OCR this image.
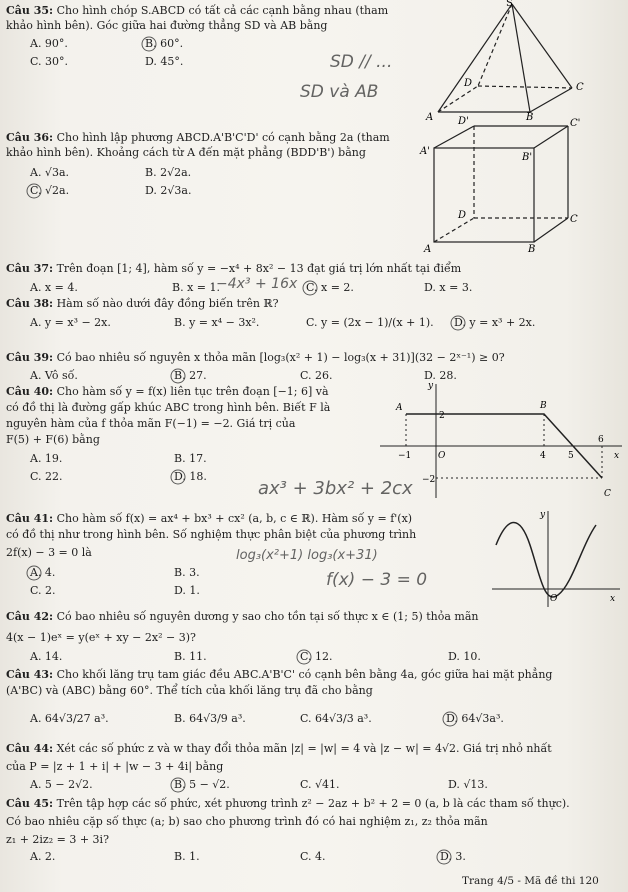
Câu 35: Cho hình chóp S.ABCD có tất cả các cạnh bằng nhau (tham
khảo hình bên). Góc giữa hai đường thẳng SD và AB bằng
A. 90°.	B. 60°.
C. 30°.	D. 45°.	SD // ...
SD và AB
S
A	B
C
D
Câu 36: Cho hình lập phương ABCD.A'B'C'D' có cạnh bằng 2a (tham
khảo hình bên). Khoảng cách từ A đến mặt phẳng (BDD'B') bằng
A. √3a.	B. 2√2a.
C. √2a.	D. 2√3a.
D'	C'
A'
B'
D	C
A	B
Câu 37: Trên đoạn [1; 4], hàm số y = −x⁴ + 8x² − 13 đạt giá trị lớn nhất tại điểm
A. x = 4.	B. x = 1.	C. x = 2.	D. x = 3.
−4x³ + 16x
Câu 38: Hàm số nào dưới đây đồng biến trên ℝ?
A. y = x³ − 2x.	B. y = x⁴ − 3x².	C. y = (2x − 1)/(x + 1). D. y = x³ + 2x.
Câu 39: Có bao nhiêu số nguyên x thỏa mãn [log₃(x² + 1) − log₃(x + 31)](32 − 2ˣ⁻¹) ≥ 0?
A. Vô số.	B. 27.	C. 26.	D. 28.
Câu 40: Cho hàm số y = f(x) liên tục trên đoạn [−1; 6] và
có đồ thị là đường gấp khúc ABC trong hình bên. Biết F là
nguyên hàm của f thỏa mãn F(−1) = −2. Giá trị của
F(5) + F(6) bằng
A. 19.	B. 17.
C. 22.	D. 18.
ax³ + 3bx² + 2cx
y
x
A	B
C
O
2
−1	4 5
6
−2
Câu 41: Cho hàm số f(x) = ax⁴ + bx³ + cx² (a, b, c ∈ ℝ). Hàm số y = f'(x)
có đồ thị như trong hình bên. Số nghiệm thực phân biệt của phương trình
2f(x) − 3 = 0 là
A. 4.	B. 3.
C. 2.	D. 1.
log₃(x²+1) log₃(x+31)
f(x) − 3 = 0
y
x
O
Câu 42: Có bao nhiêu số nguyên dương y sao cho tồn tại số thực x ∈ (1; 5) thỏa mãn
4(x − 1)eˣ = y(eˣ + xy − 2x² − 3)?
A. 14.	B. 11.	C. 12.	D. 10.
Câu 43: Cho khối lăng trụ tam giác đều ABC.A'B'C' có cạnh bên bằng 4a, góc giữa hai mặt phẳng
(A'BC) và (ABC) bằng 60°. Thể tích của khối lăng trụ đã cho bằng
A. 64√3/27 a³.	B. 64√3/9 a³.	C. 64√3/3 a³.	D. 64√3a³.
Câu 44: Xét các số phức z và w thay đổi thỏa mãn |z| = |w| = 4 và |z − w| = 4√2. Giá trị nhỏ nhất
của P = |z + 1 + i| + |w − 3 + 4i| bằng
A. 5 − 2√2.	B. 5 − √2.	C. √41.	D. √13.
Câu 45: Trên tập hợp các số phức, xét phương trình z² − 2az + b² + 2 = 0 (a, b là các tham số thực).
Có bao nhiêu cặp số thực (a; b) sao cho phương trình đó có hai nghiệm z₁, z₂ thỏa mãn
z₁ + 2iz₂ = 3 + 3i?
A. 2.	B. 1.	C. 4.	D. 3.
Trang 4/5 - Mã đề thi 120
